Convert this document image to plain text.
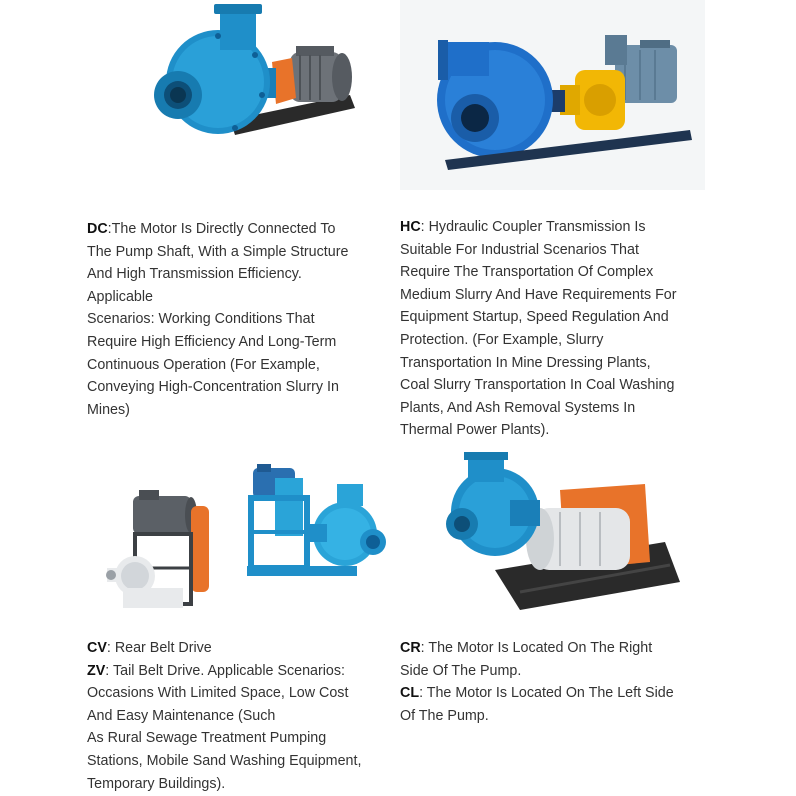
DC:The Motor Is Directly Connected To
The Pump Shaft, With a Simple Structure
And High Transmission Efficiency.
Applicable
Scenarios: Working Conditions That
Require High Efficiency And Long-Term
Continuous Operation (For Example,
Conveying High-Concentration Slurry In
Mines)
HC: Hydraulic Coupler Transmission Is
Suitable For Industrial Scenarios That
Require The Transportation Of Complex
Medium Slurry And Have Requirements For
Equipment Startup, Speed Regulation And
Protection. (For Example, Slurry
Transportation In Mine Dressing Plants,
Coal Slurry Transportation In Coal Washing
Plants, And Ash Removal Systems In
Thermal Power Plants).
CV: Rear Belt Drive
ZV: Tail Belt Drive. Applicable Scenarios:
Occasions With Limited Space, Low Cost
And Easy Maintenance (Such
As Rural Sewage Treatment Pumping
Stations, Mobile Sand Washing Equipment,
Temporary Buildings).
CR: The Motor Is Located On The Right
Side Of The Pump.
CL: The Motor Is Located On The Left Side
Of The Pump.
